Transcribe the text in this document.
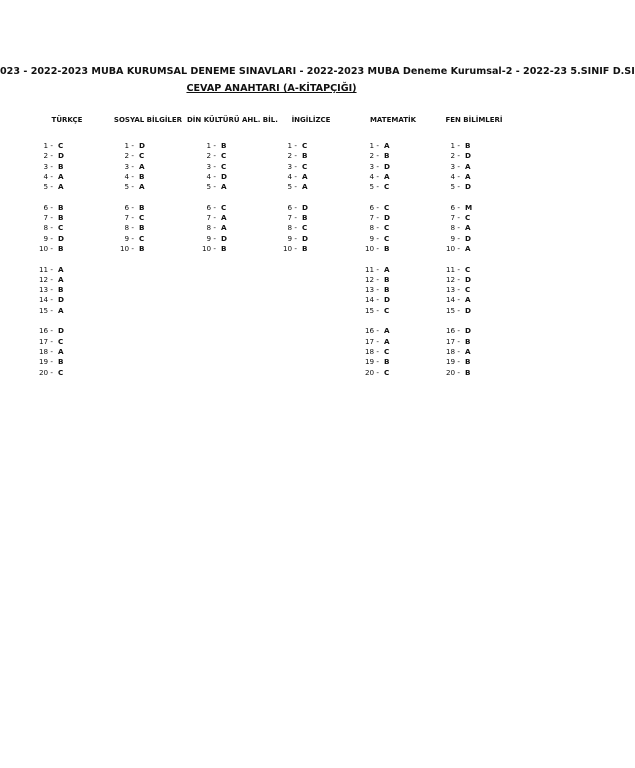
023 - 2022-2023 MUBA KURUMSAL DENEME SINAVLARI - 2022-2023 MUBA Deneme Kurumsal-2 - 2022-23 5.SINIF D.SI
CEVAP ANAHTARI (A-KİTAPÇIĞI)
TÜRKÇE
1 - C
2 - D
3 - B
4 - A
5 - A
6 - B
7 - B
8 - C
9 - D
10 - B
11 - A
12 - A
13 - B
14 - D
15 - A
16 - D
17 - C
18 - A
19 - B
20 - C
SOSYAL BİLGİLER
1 - D
2 - C
3 - A
4 - B
5 - A
6 - B
7 - C
8 - B
9 - C
10 - B
DİN KÜLTÜRÜ AHL. BİL.
1 - B
2 - C
3 - C
4 - D
5 - A
6 - C
7 - A
8 - A
9 - D
10 - B
İNGİLİZCE
1 - C
2 - B
3 - C
4 - A
5 - A
6 - D
7 - B
8 - C
9 - D
10 - B
MATEMATİK
1 - A
2 - B
3 - D
4 - A
5 - C
6 - C
7 - D
8 - C
9 - C
10 - B
11 - A
12 - B
13 - B
14 - D
15 - C
16 - A
17 - A
18 - C
19 - B
20 - C
FEN BİLİMLERİ
1 - B
2 - D
3 - A
4 - A
5 - D
6 - M
7 - C
8 - A
9 - D
10 - A
11 - C
12 - D
13 - C
14 - A
15 - D
16 - D
17 - B
18 - A
19 - B
20 - B
